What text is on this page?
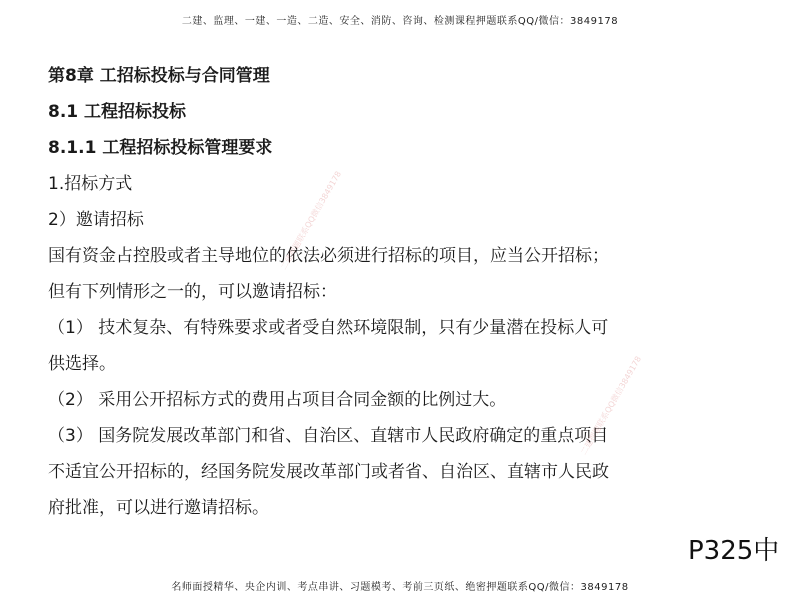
二建、监理、一建、一造、二造、安全、消防、咨询、检测课程押题联系QQ/微信：3849178
第8章 工招标投标与合同管理
8.1 工程招标投标
8.1.1 工程招标投标管理要求
1.招标方式
2）邀请招标
国有资金占控股或者主导地位的依法必须进行招标的项目，应当公开招标；
但有下列情形之一的，可以邀请招标：
（1） 技术复杂、有特殊要求或者受自然环境限制，只有少量潜在投标人可
供选择。
（2） 采用公开招标方式的费用占项目合同金额的比例过大。
（3） 国务院发展改革部门和省、自治区、直辖市人民政府确定的重点项目
不适宜公开招标的，经国务院发展改革部门或者省、自治区、直辖市人民政
府批准，可以进行邀请招标。
二建押题联系QQ微信3849178
二建押题联系QQ微信3849178
P325中
名师面授精华、央企内训、考点串讲、习题模考、考前三页纸、绝密押题联系QQ/微信：3849178
